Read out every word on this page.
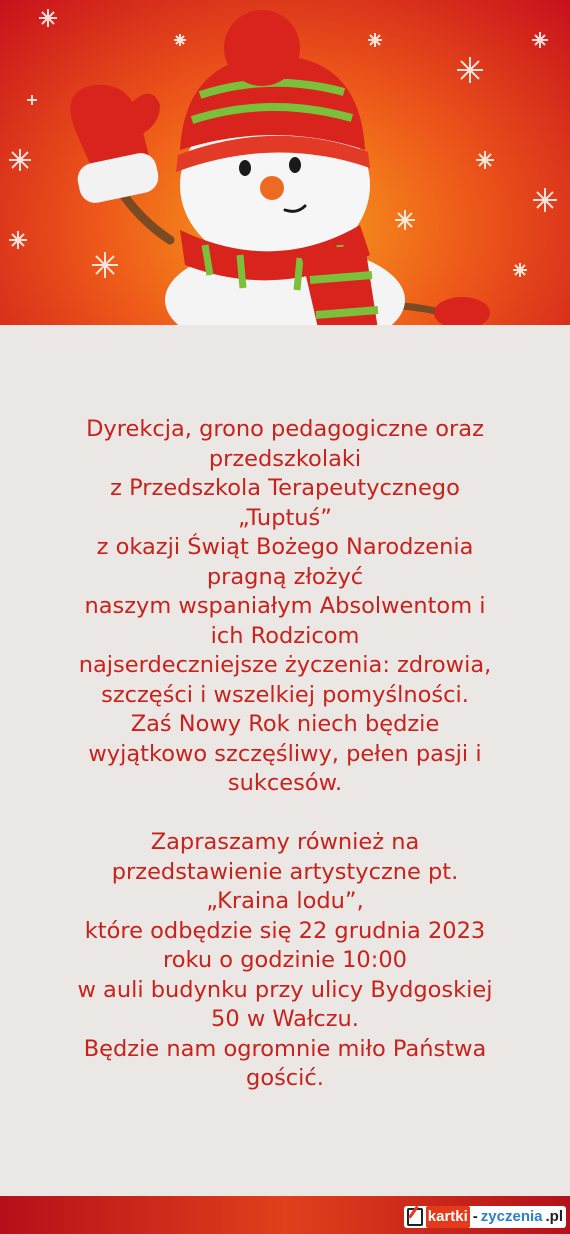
Dyrekcja, grono pedagogiczne oraz
przedszkolaki
z Przedszkola Terapeutycznego
„Tuptuś”
z okazji Świąt Bożego Narodzenia
pragną złożyć
naszym wspaniałym Absolwentom i
ich Rodzicom
najserdeczniejsze życzenia: zdrowia,
szczęści i wszelkiej pomyślności.
Zaś Nowy Rok niech będzie
wyjątkowo szczęśliwy, pełen pasji i
sukcesów.
Zapraszamy również na
przedstawienie artystyczne pt.
„Kraina lodu”,
które odbędzie się 22 grudnia 2023
roku o godzinie 10:00
w auli budynku przy ulicy Bydgoskiej
50 w Wałczu.
Będzie nam ogromnie miło Państwa
gościć.
kartki - zyczenia .pl
